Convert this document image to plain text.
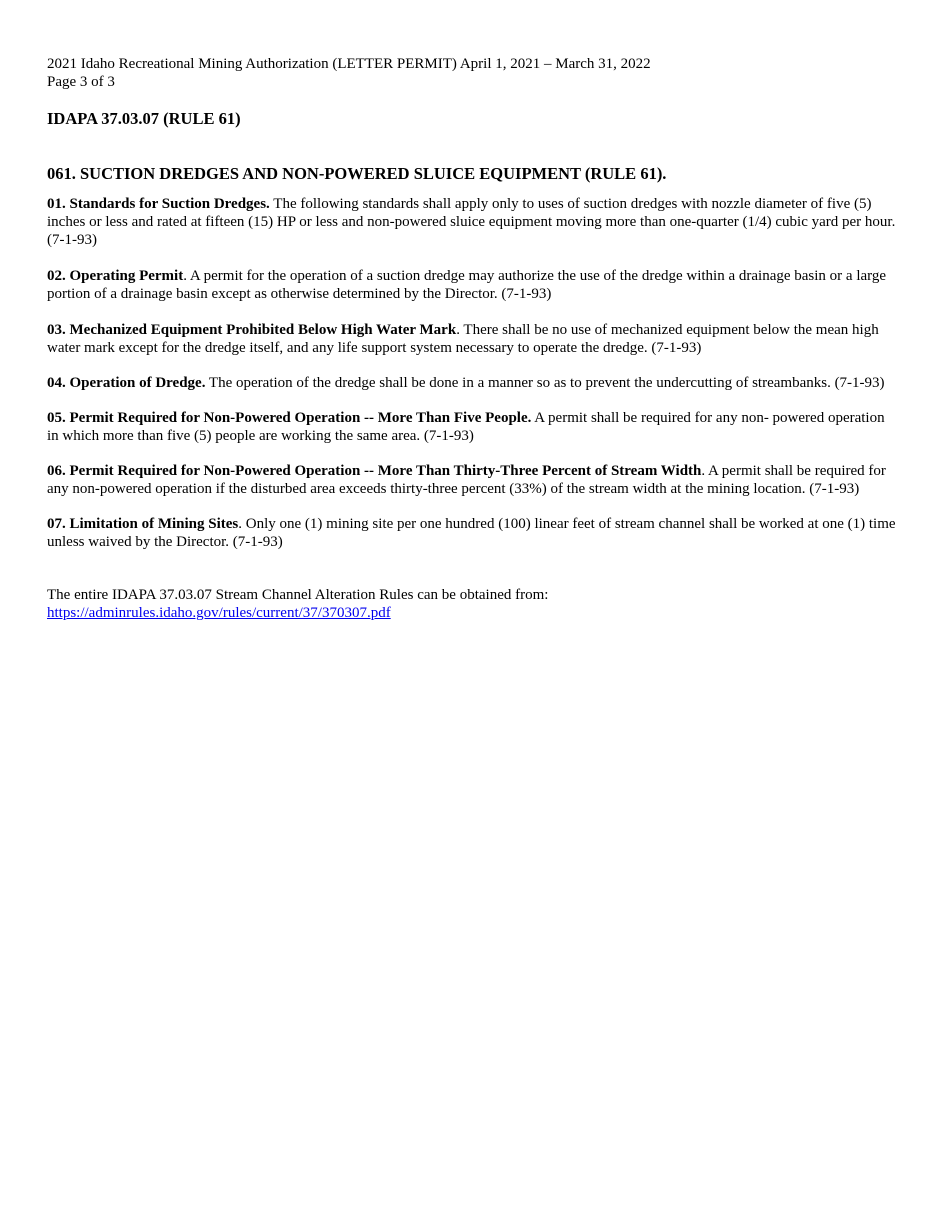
2021 Idaho Recreational Mining Authorization (LETTER PERMIT) April 1, 2021 – March 31, 2022

Page 3 of 3

IDAPA 37.03.07 (RULE 61)

061. SUCTION DREDGES AND NON-POWERED SLUICE EQUIPMENT (RULE 61).

01. Standards for Suction Dredges. The following standards shall apply only to uses of suction dredges with nozzle diameter of five (5) inches or less and rated at fifteen (15) HP or less and non-powered sluice equipment moving more than one-quarter (1/4) cubic yard per hour. (7-1-93)

02. Operating Permit. A permit for the operation of a suction dredge may authorize the use of the dredge within a drainage basin or a large portion of a drainage basin except as otherwise determined by the Director. (7-1-93)

03. Mechanized Equipment Prohibited Below High Water Mark. There shall be no use of mechanized equipment below the mean high water mark except for the dredge itself, and any life support system necessary to operate the dredge. (7-1-93)

04. Operation of Dredge. The operation of the dredge shall be done in a manner so as to prevent the undercutting of streambanks. (7-1-93)

05. Permit Required for Non-Powered Operation -- More Than Five People. A permit shall be required for any non- powered operation in which more than five (5) people are working the same area. (7-1-93)

06. Permit Required for Non-Powered Operation -- More Than Thirty-Three Percent of Stream Width. A permit shall be required for any non-powered operation if the disturbed area exceeds thirty-three percent (33%) of the stream width at the mining location. (7-1-93)

07. Limitation of Mining Sites. Only one (1) mining site per one hundred (100) linear feet of stream channel shall be worked at one (1) time unless waived by the Director. (7-1-93)

The entire IDAPA 37.03.07 Stream Channel Alteration Rules can be obtained from:
https://adminrules.idaho.gov/rules/current/37/370307.pdf
